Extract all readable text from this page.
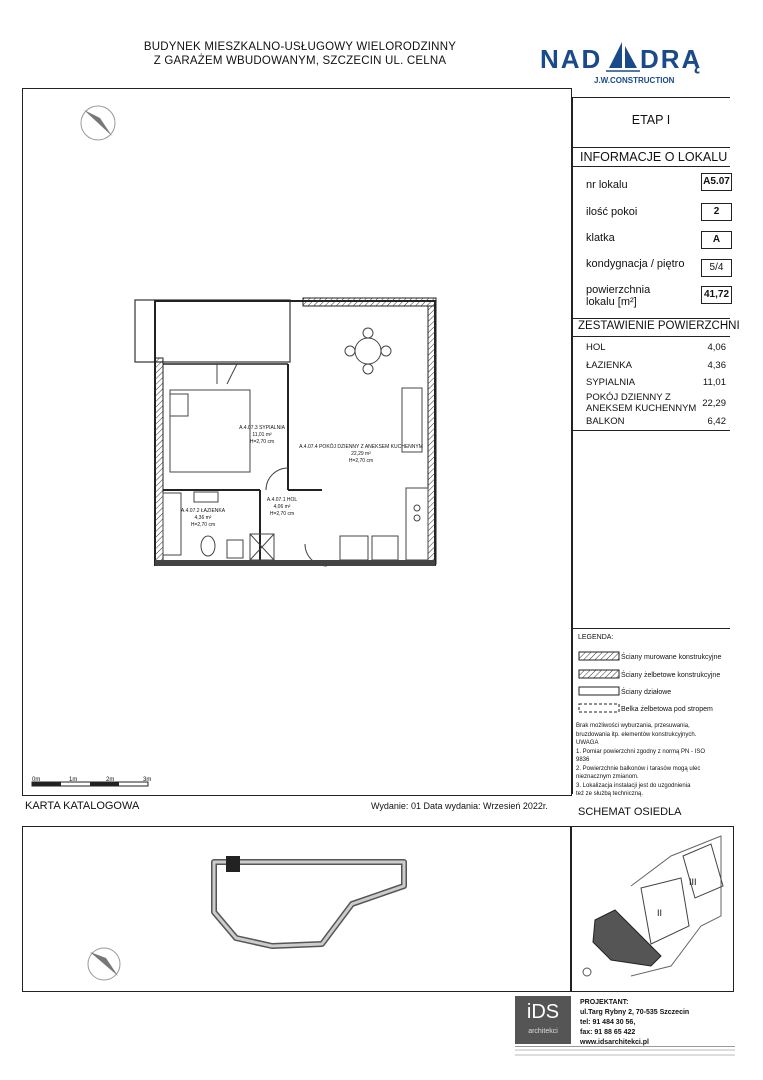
BUDYNEK MIESZKALNO-USŁUGOWY WIELORODZINNY
Z GARAŻEM WBUDOWANYM, SZCZECIN UL. CELNA	NAD DRĄ
J.W.CONSTRUCTION
ETAP I
INFORMACJE O LOKALU
nr lokalu	A5.07
ilość pokoi	2
klatka	A
kondygnacja / piętro	5/4
powierzchnia
lokalu [m²]
41,72
ZESTAWIENIE POWIERZCHNI
HOL	4,06
ŁAZIENKA	4,36
SYPIALNIA	11,01
POKÓJ DZIENNY Z
ANEKSEM KUCHENNYM 22,29
BALKON	6,42
A.4.07.3 SYPIALNIA
11,01 m²
H=2,70 cm
A.4.07.4 POKÓJ DZIENNY Z ANEKSEM KUCHENNYM
22,29 m²
H=2,70 cm
A.4.07.2 ŁAZIENKA
4,36 m²
H=2,70 cm
A.4.07.1 HOL
4,06 m²
H=2,70 cm
0m	1m	2m	3m
LEGENDA:
Ściany murowane konstrukcyjne
Ściany żelbetowe konstrukcyjne
Ściany działowe
Belka żelbetowa pod stropem
Brak możliwości wyburzania, przesuwania,
bruzdowania itp. elementów konstrukcyjnych.
UWAGA
1. Pomiar powierzchni zgodny z normą PN - ISO
9836
2. Powierzchnie balkonów i tarasów mogą ulec
nieznacznym zmianom.
3. Lokalizacja instalacji jest do uzgodnienia
też ze służbą techniczną.
KARTA KATALOGOWA	Wydanie: 01 Data wydania: Wrzesień 2022r.	SCHEMAT OSIEDLA
III
II
iDS
architekci
PROJEKTANT:
ul.Targ Rybny 2, 70-535 Szczecin
tel: 91 484 30 56,
fax: 91 88 65 422
www.idsarchitekci.pl
